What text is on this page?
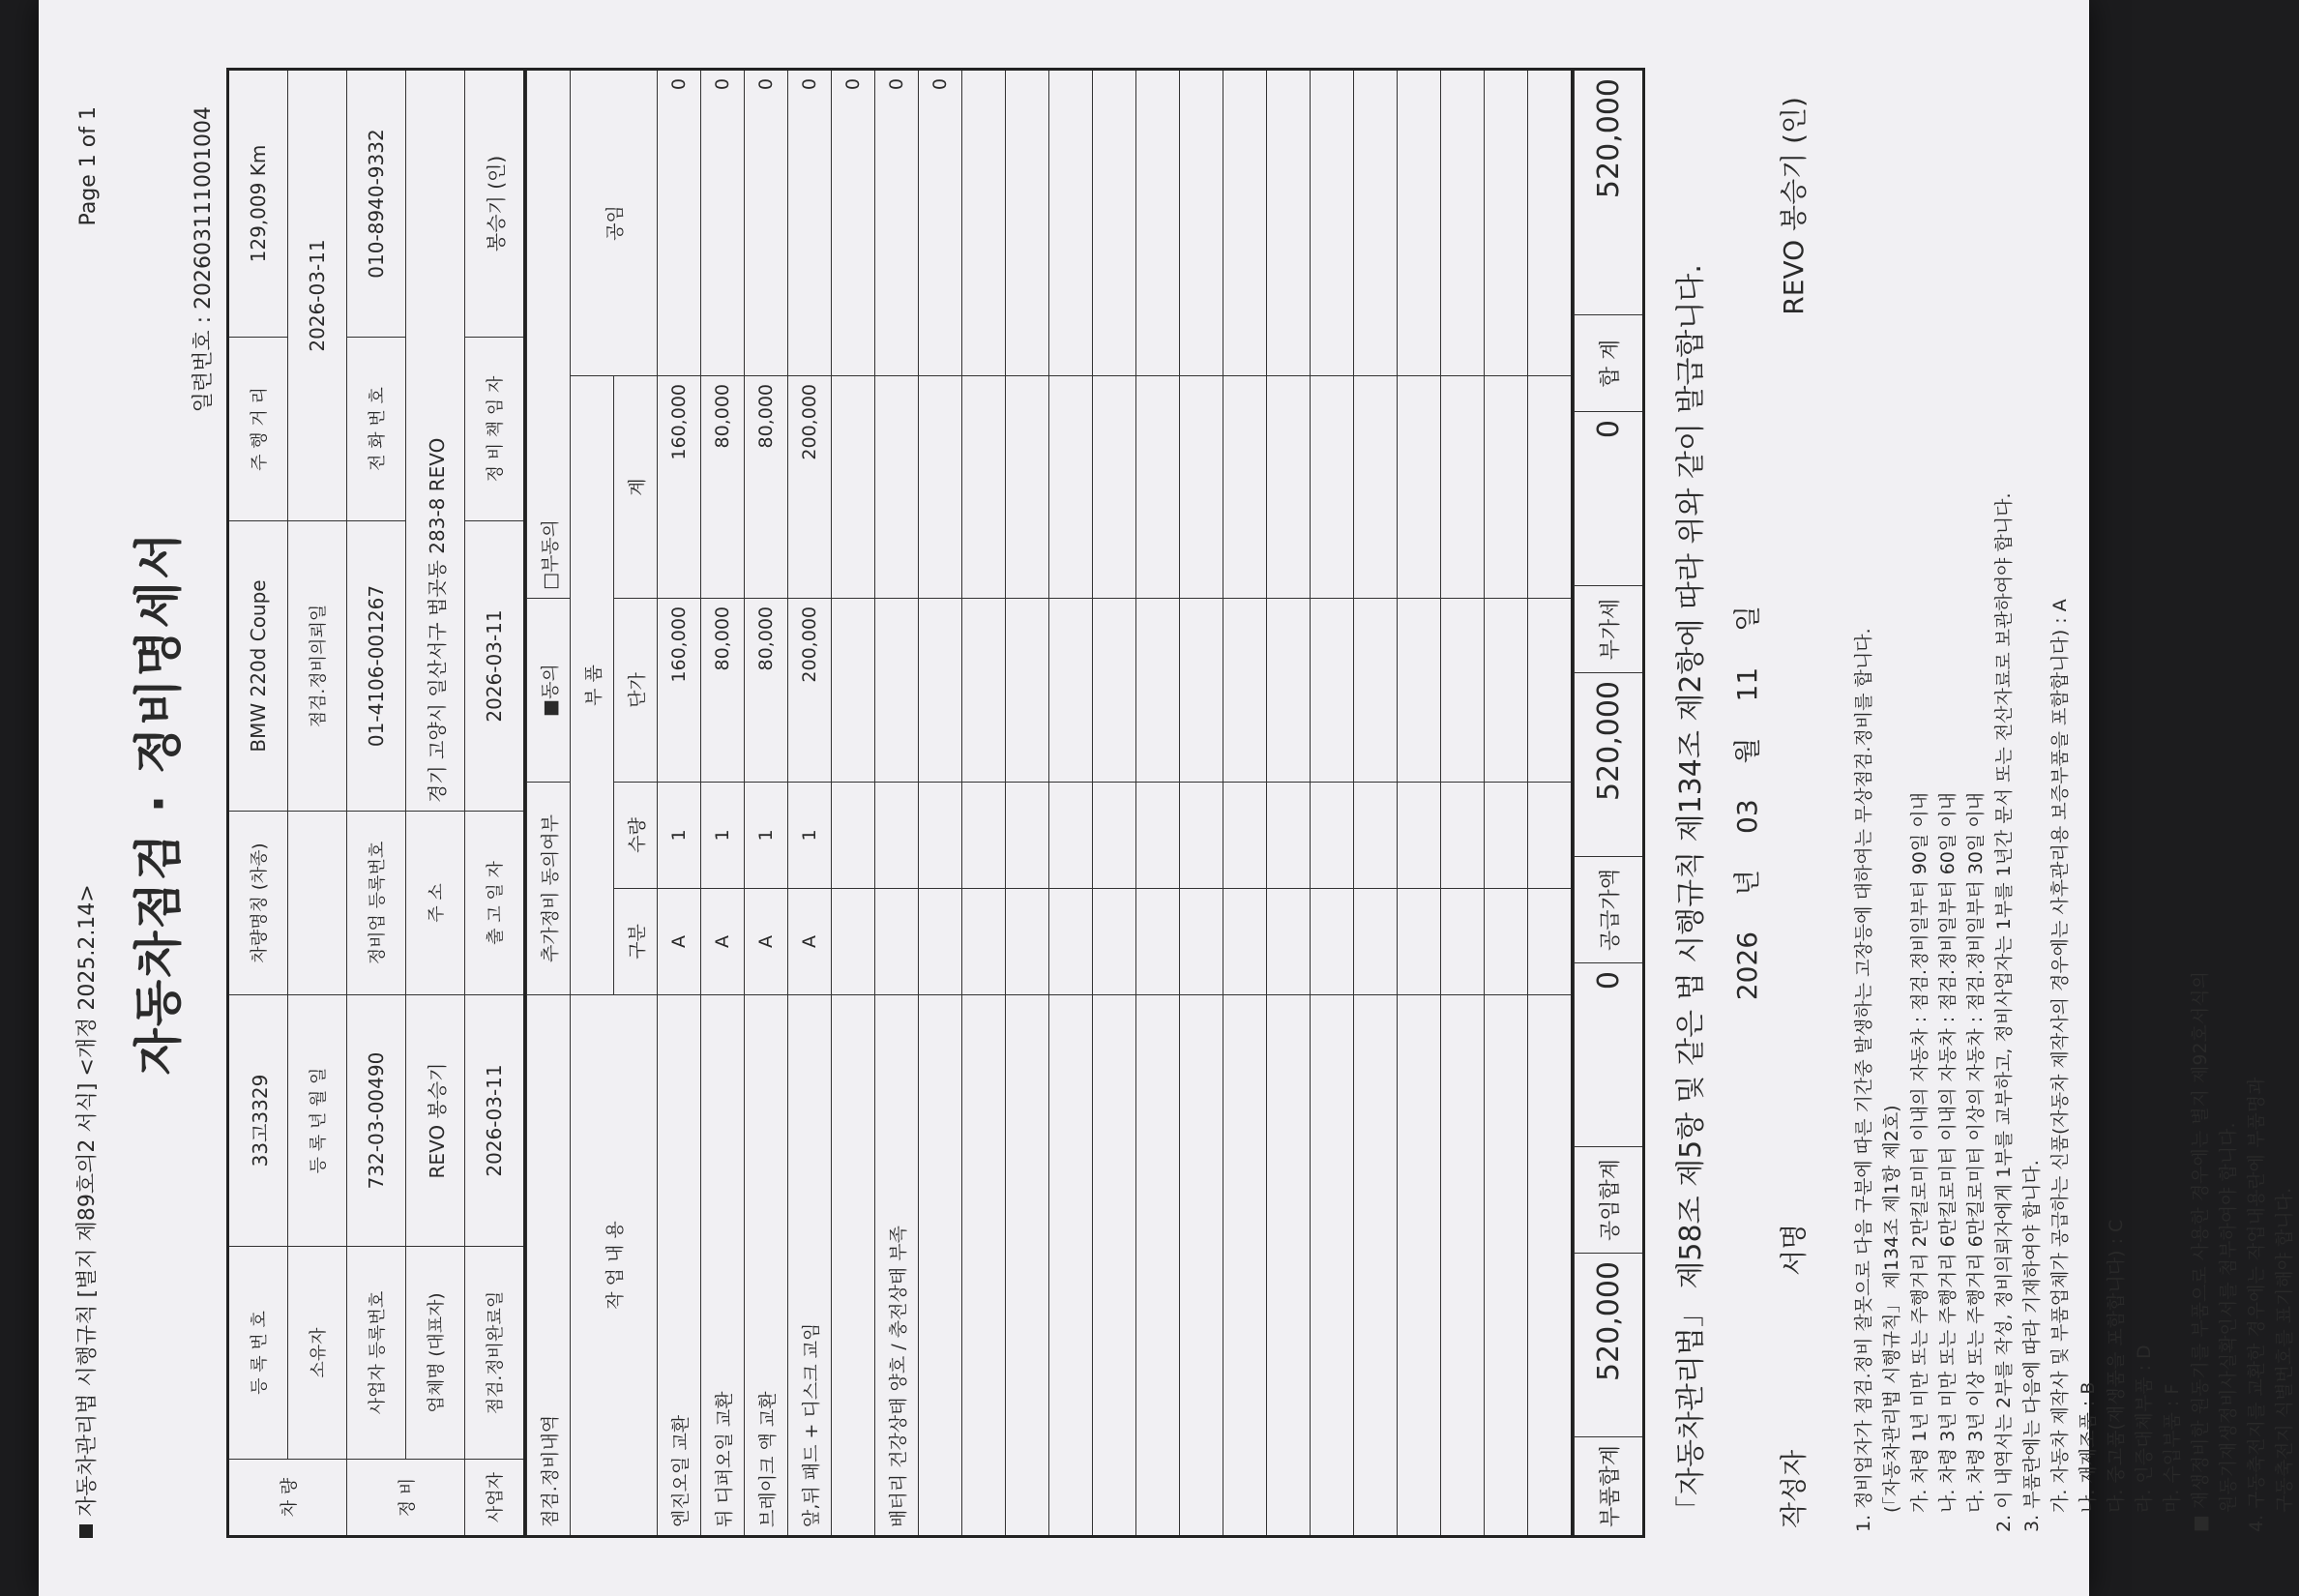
자동차관리법 시행규칙 [별지 제89호의2 서식] <개정 2025.2.14>
Page 1 of 1
자동차점검 · 정비명세서
일련번호 : 202603111001004
차 량	등 록 번 호	33고3329	차량명칭 (차종)	BMW 220d Coupe	주 행 거 리	129,009 Km
	소유자	등 록 년 월 일		점검.정비의뢰일	2026-03-11	
정 비	사업자 등록번호	732-03-00490	정비업 등록번호	01-4106-001267	전 화 번 호	010-8940-9332
	업체명 (대표자)	REVO 봉승기	주 소	경기 고양시 일산서구 법곳동 283-8 REVO		
사업자	점검.정비완료일	2026-03-11	출 고 일 자	2026-03-11	정 비 책 임 자	봉승기 (인)
점검.정비내역	추가정비 동의여부		■동의	□부동의	
작 업 내 용	부 품				공임
	구분	수량	단가	계	
엔진오일 교환	A	1	160,000	160,000	0
뒤 디퍼오일 교환	A	1	80,000	80,000	0
브레이크 액 교환	A	1	80,000	80,000	0
앞,뒤 패드 + 디스크 교임	A	1	200,000	200,000	0
					0
배터리 건강상태 양호 / 충전상태 부족					0
					0

부품합계	520,000	공임합계	0	공급가액	520,000	부가세	0	합 계	520,000
「자동차관리법」 제58조 제5항 및 같은 법 시행규칙 제134조 제2항에 따라 위와 같이 발급합니다. 2026 년 03 월 11 일
작성자
서명
REVO 봉승기 (인)
1. 정비업자가 점검.정비 잘못으로 다음 구분에 따른 기간중 발생하는 고장등에 대하여는 무상점검.정비를 합니다. (「자동차관리법 시행규칙」 제134조 제1항 제2호) 가. 차령 1년 미만 또는 주행거리 2만킬로미터 이내의 자동차 : 점검.정비일부터 90일 이내 나. 차령 3년 미만 또는 주행거리 6만킬로미터 이내의 자동차 : 점검.정비일부터 60일 이내 다. 차령 3년 이상 또는 주행거리 6만킬로미터 이상의 자동차 : 점검.정비일부터 30일 이내 2. 이 내역서는 2부를 작성, 정비의뢰자에게 1부를 교부하고, 정비사업자는 1부를 1년간 문서 또는 전산자료로 보관하여야 합니다. 3. 부품란에는 다음에 따라 기재하여야 합니다. 가. 자동차 제작사 및 부품업체가 공급하는 신품(자동차 제작사의 경우에는 사후관리용 보증부품을 포함합니다) : A 나. 재제조품 : B 다. 중고품(재생품을 포함합니다) : C 라. 인증대체부품 : D 마. 수입부품 : F ■ 재생정비한 원동기를 부품으로 사용한 경우에는 별지 제92호서식의 원동기재생정비사실확인서를 첨부하여야 합니다. 4. 구동축전지를 교환한 경우에는 작업내용란에 부품명과 구동축전지 식별번호를 표기해야 합니다.
